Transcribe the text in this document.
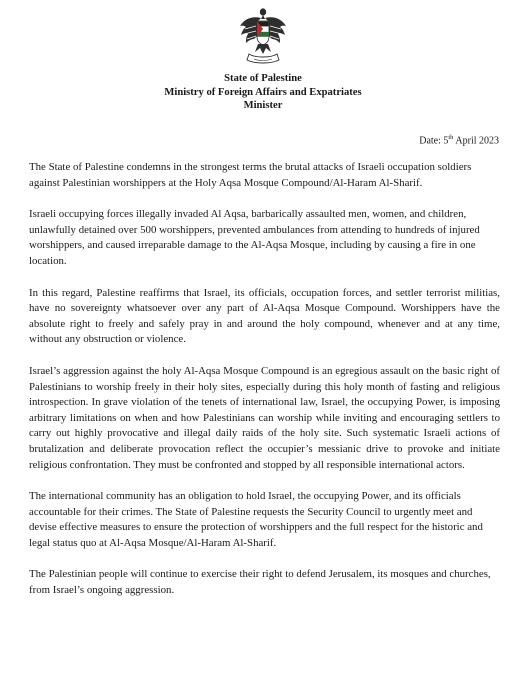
State of Palestine
Ministry of Foreign Affairs and Expatriates
Minister
Date: 5th April 2023

The State of Palestine condemns in the strongest terms the brutal attacks of Israeli occupation soldiers against Palestinian worshippers at the Holy Aqsa Mosque Compound/Al-Haram Al-Sharif.

Israeli occupying forces illegally invaded Al Aqsa, barbarically assaulted men, women, and children, unlawfully detained over 500 worshippers, prevented ambulances from attending to hundreds of injured worshippers, and caused irreparable damage to the Al-Aqsa Mosque, including by causing a fire in one location.

In this regard, Palestine reaffirms that Israel, its officials, occupation forces, and settler terrorist militias, have no sovereignty whatsoever over any part of Al-Aqsa Mosque Compound. Worshippers have the absolute right to freely and safely pray in and around the holy compound, whenever and at any time, without any obstruction or violence.

Israel’s aggression against the holy Al-Aqsa Mosque Compound is an egregious assault on the basic right of Palestinians to worship freely in their holy sites, especially during this holy month of fasting and religious introspection. In grave violation of the tenets of international law, Israel, the occupying Power, is imposing arbitrary limitations on when and how Palestinians can worship while inviting and encouraging settlers to carry out highly provocative and illegal daily raids of the holy site. Such systematic Israeli actions of brutalization and deliberate provocation reflect the occupier’s messianic drive to provoke and initiate religious confrontation. They must be confronted and stopped by all responsible international actors.

The international community has an obligation to hold Israel, the occupying Power, and its officials accountable for their crimes. The State of Palestine requests the Security Council to urgently meet and devise effective measures to ensure the protection of worshippers and the full respect for the historic and legal status quo at Al-Aqsa Mosque/Al-Haram Al-Sharif.

The Palestinian people will continue to exercise their right to defend Jerusalem, its mosques and churches, from Israel’s ongoing aggression.
